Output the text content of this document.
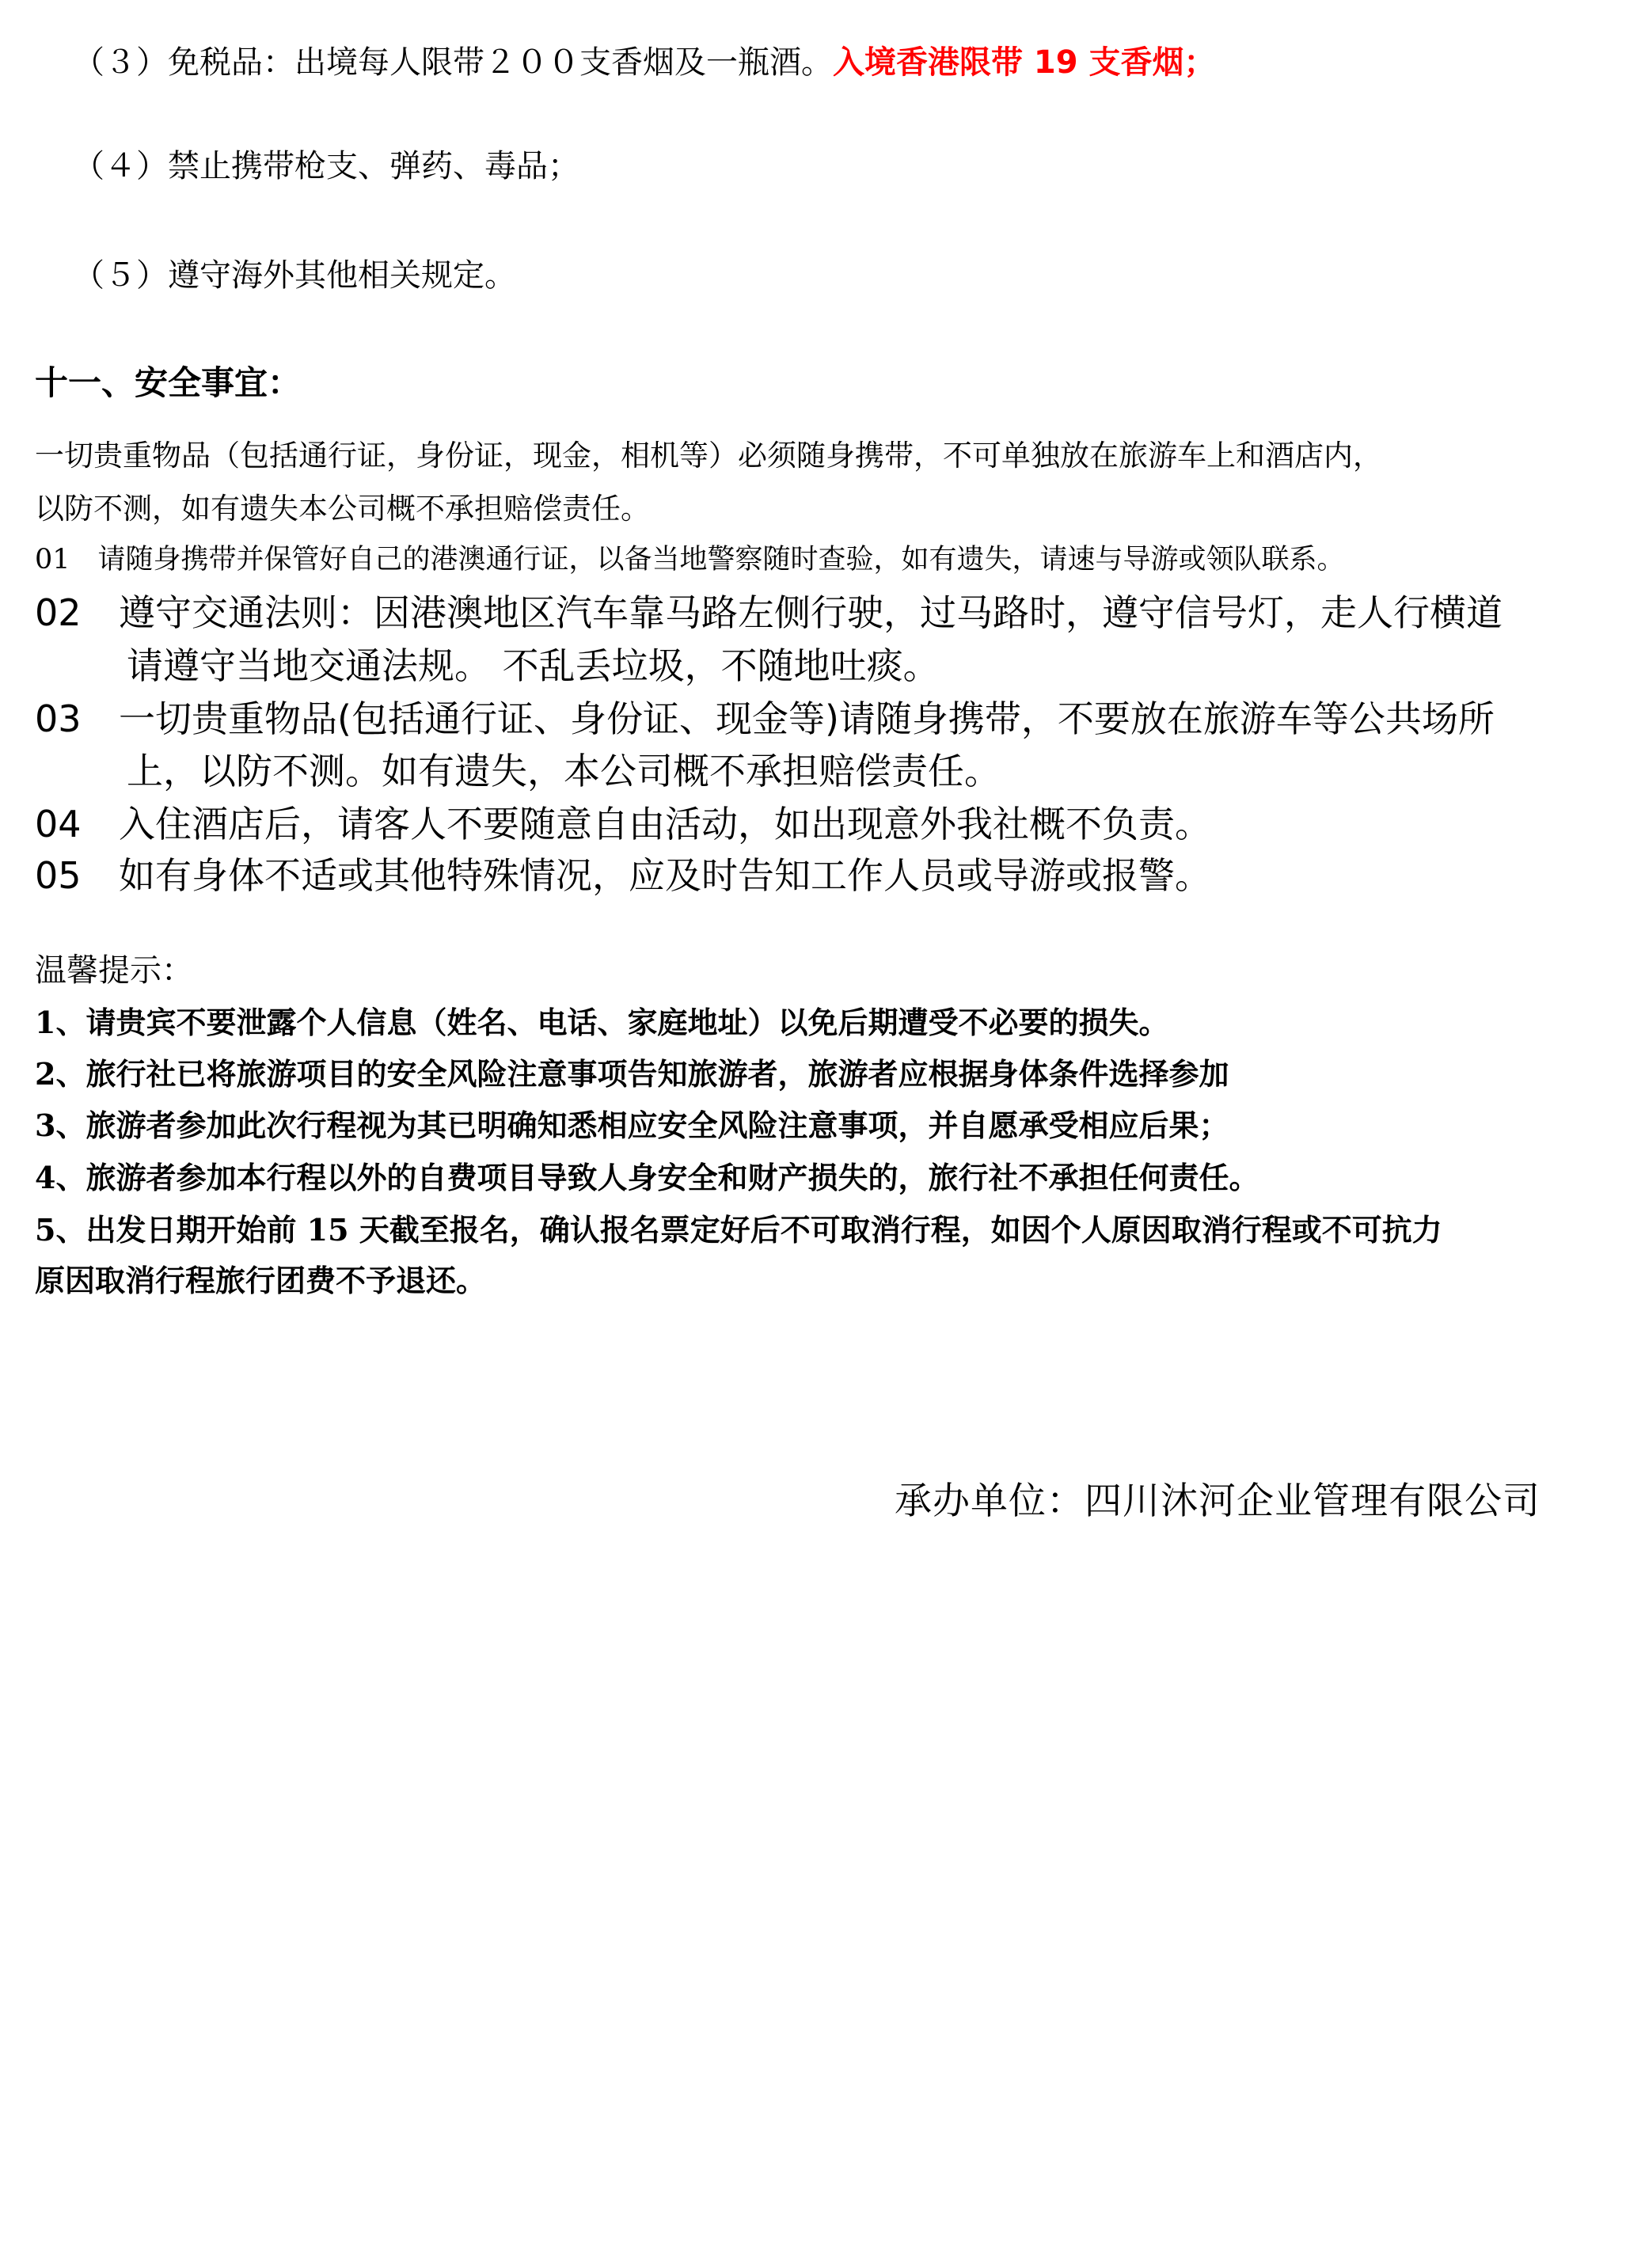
（３）免税品：出境每人限带２００支香烟及一瓶酒。入境香港限带 19 支香烟；
（４）禁止携带枪支、弹药、毒品；
（５）遵守海外其他相关规定。
十一、安全事宜：
一切贵重物品（包括通行证，身份证，现金，相机等）必须随身携带，不可单独放在旅游车上和酒店内，
以防不测，如有遗失本公司概不承担赔偿责任。
01　请随身携带并保管好自己的港澳通行证，以备当地警察随时查验，如有遗失，请速与导游或领队联系。
02 遵守交通法则：因港澳地区汽车靠马路左侧行驶，过马路时，遵守信号灯，走人行横道
请遵守当地交通法规。 不乱丢垃圾，不随地吐痰。
03 一切贵重物品(包括通行证、身份证、现金等)请随身携带，不要放在旅游车等公共场所
上，以防不测。如有遗失，本公司概不承担赔偿责任。
04 入住酒店后，请客人不要随意自由活动，如出现意外我社概不负责。
05 如有身体不适或其他特殊情况，应及时告知工作人员或导游或报警。
温馨提示：
1、请贵宾不要泄露个人信息（姓名、电话、家庭地址）以免后期遭受不必要的损失。
2、旅行社已将旅游项目的安全风险注意事项告知旅游者，旅游者应根据身体条件选择参加
3、旅游者参加此次行程视为其已明确知悉相应安全风险注意事项，并自愿承受相应后果；
4、旅游者参加本行程以外的自费项目导致人身安全和财产损失的，旅行社不承担任何责任。
5、出发日期开始前 15 天截至报名，确认报名票定好后不可取消行程，如因个人原因取消行程或不可抗力
原因取消行程旅行团费不予退还。
承办单位：四川沐河企业管理有限公司
